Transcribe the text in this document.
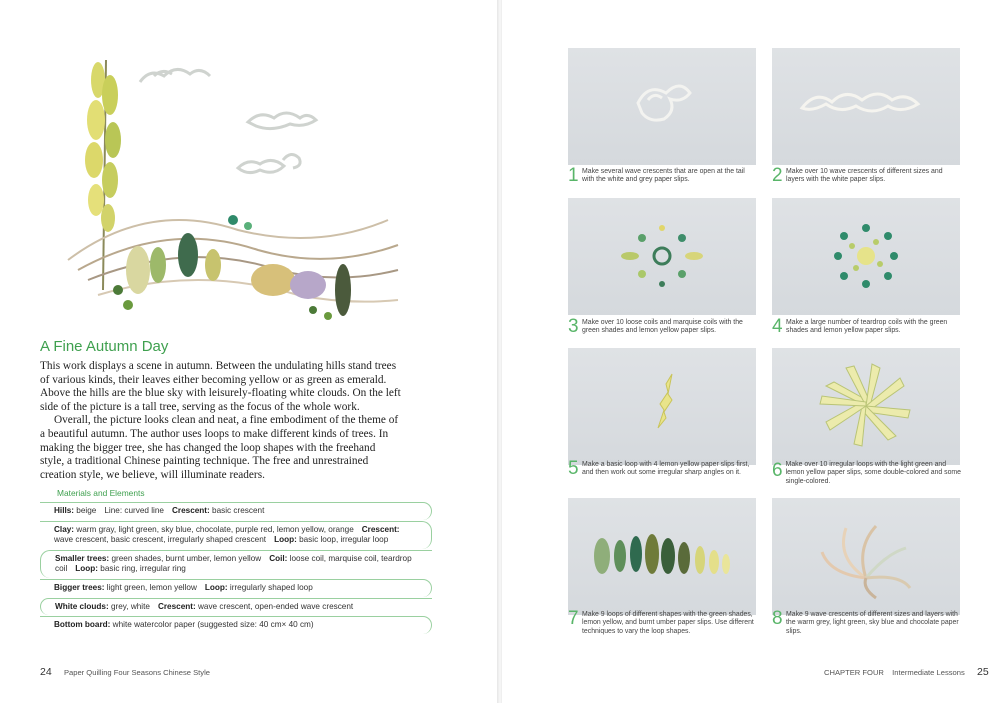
A Fine Autumn Day

This work displays a scene in autumn. Between the undulating hills stand trees of various kinds, their leaves either becoming yellow or as green as emerald. Above the hills are the blue sky with leisurely-floating white clouds. On the left side of the picture is a tall tree, serving as the focus of the whole work.

Overall, the picture looks clean and neat, a fine embodiment of the theme of a beautiful autumn. The author uses loops to make different kinds of trees. In making the bigger tree, she has changed the loop shapes with the freehand style, a traditional Chinese painting technique. The free and unrestrained creation style, we believe, will illuminate readers.

Materials and Elements
Hills: beige Line: curved line Crescent: basic crescent
Clay: warm gray, light green, sky blue, chocolate, purple red, lemon yellow, orange Crescent: wave crescent, basic crescent, irregularly shaped crescent Loop: basic loop, irregular loop
Smaller trees: green shades, burnt umber, lemon yellow Coil: loose coil, marquise coil, teardrop coil Loop: basic ring, irregular ring
Bigger trees: light green, lemon yellow Loop: irregularly shaped loop
White clouds: grey, white Crescent: wave crescent, open-ended wave crescent
Bottom board: white watercolor paper (suggested size: 40 cm× 40 cm)
24 Paper Quilling Four Seasons Chinese Style
1 Make several wave crescents that are open at the tail with the white and grey paper slips.	2 Make over 10 wave crescents of different sizes and layers with the white paper slips.
3 Make over 10 loose coils and marquise coils with the green shades and lemon yellow paper slips.	4 Make a large number of teardrop coils with the green shades and lemon yellow paper slips.
5 Make a basic loop with 4 lemon yellow paper slips first, and then work out some irregular sharp angles on it.	6 Make over 10 irregular loops with the light green and lemon yellow paper slips, some double-colored and some single-colored.
7 Make 9 loops of different shapes with the green shades, lemon yellow, and burnt umber paper slips. Use different techniques to vary the loop shapes.
8 Make 9 wave crescents of different sizes and layers with the warm grey, light green, sky blue and chocolate paper slips.
CHAPTER FOUR Intermediate Lessons 25
